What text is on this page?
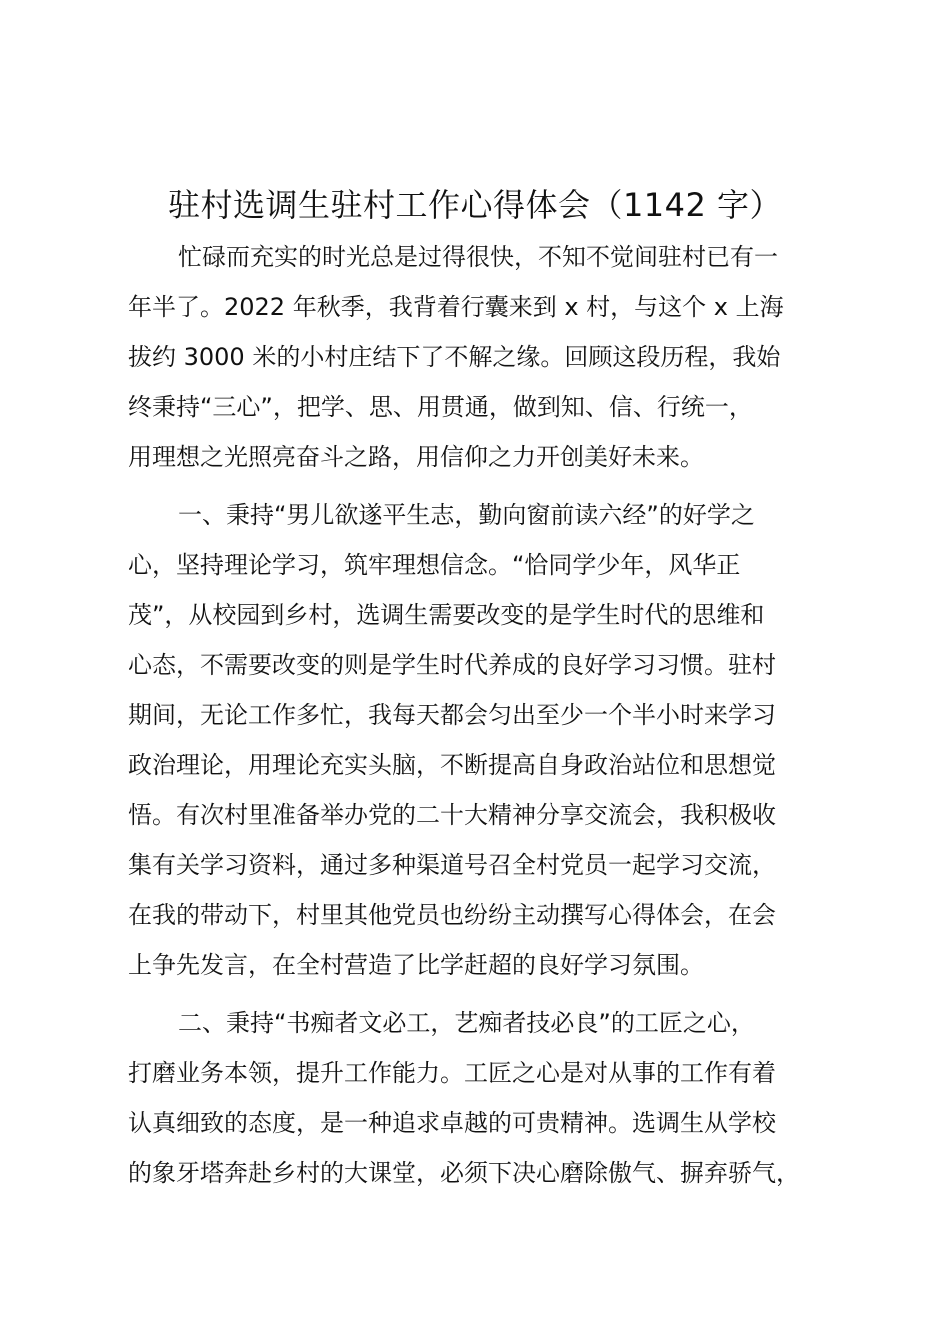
驻村选调生驻村工作心得体会（1142 字）

忙碌而充实的时光总是过得很快，不知不觉间驻村已有一
年半了。2022 年秋季，我背着行囊来到 x 村，与这个 x 上海
拔约 3000 米的小村庄结下了不解之缘。回顾这段历程，我始
终秉持“三心”，把学、思、用贯通，做到知、信、行统一，
用理想之光照亮奋斗之路，用信仰之力开创美好未来。

一、秉持“男儿欲遂平生志，勤向窗前读六经”的好学之
心，坚持理论学习，筑牢理想信念。“恰同学少年，风华正
茂”，从校园到乡村，选调生需要改变的是学生时代的思维和
心态，不需要改变的则是学生时代养成的良好学习习惯。驻村
期间，无论工作多忙，我每天都会匀出至少一个半小时来学习
政治理论，用理论充实头脑，不断提高自身政治站位和思想觉
悟。有次村里准备举办党的二十大精神分享交流会，我积极收
集有关学习资料，通过多种渠道号召全村党员一起学习交流，
在我的带动下，村里其他党员也纷纷主动撰写心得体会，在会
上争先发言，在全村营造了比学赶超的良好学习氛围。

二、秉持“书痴者文必工，艺痴者技必良”的工匠之心，
打磨业务本领，提升工作能力。工匠之心是对从事的工作有着
认真细致的态度，是一种追求卓越的可贵精神。选调生从学校
的象牙塔奔赴乡村的大课堂，必须下决心磨除傲气、摒弃骄气，
